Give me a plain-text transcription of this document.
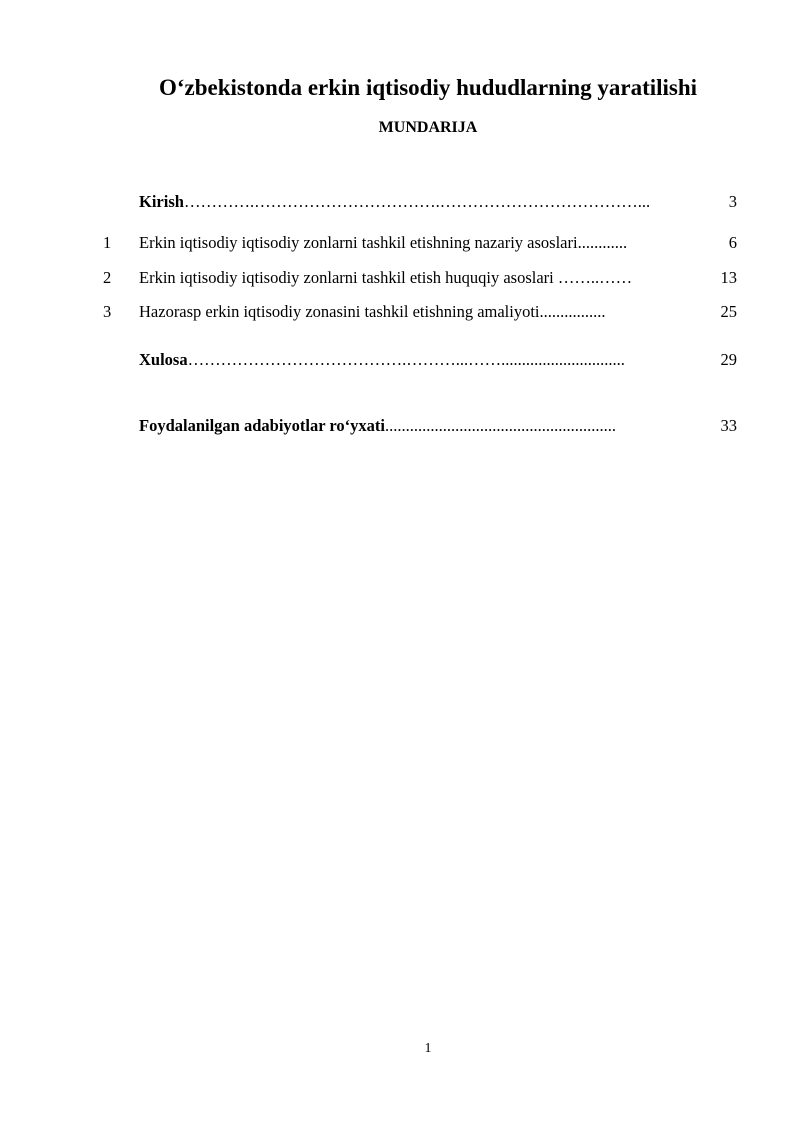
O‘zbekistonda erkin iqtisodiy hududlarning yaratilishi
MUNDARIJA
Kirish………….…………………………….………………………………...	3
1 Erkin iqtisodiy iqtisodiy zonlarni tashkil etishning nazariy asoslari............	6
2 Erkin iqtisodiy iqtisodiy zonlarni tashkil etish huquqiy asoslari ……..……	13
3 Hazorasp erkin iqtisodiy zonasini tashkil etishning amaliyoti................	25
Xulosa………………………………….………...……..............................	29
Foydalanilgan adabiyotlar ro‘yxati........................................................	33
1
